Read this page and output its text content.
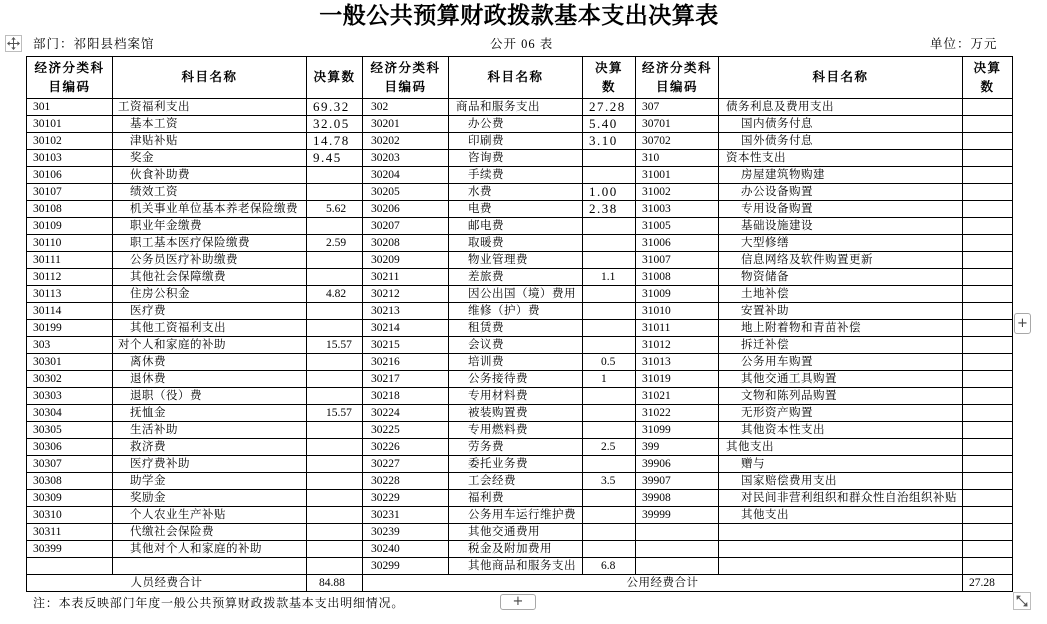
一般公共预算财政拨款基本支出决算表
部门：祁阳县档案馆	公开 06 表	单位：万元
经济分类科目编码	科目名称	决算数	经济分类科目编码	科目名称	决算数	经济分类科目编码	科目名称	决算数
301	工资福利支出	69.32	302	商品和服务支出	27.28	307	债务利息及费用支出	
30101	基本工资	32.05	30201	办公费	5.40	30701	国内债务付息	
30102	津贴补贴	14.78	30202	印刷费	3.10	30702	国外债务付息	
30103	奖金	9.45	30203	咨询费		310	资本性支出	
30106	伙食补助费		30204	手续费		31001	房屋建筑物购建	
30107	绩效工资		30205	水费	1.00	31002	办公设备购置	
30108	机关事业单位基本养老保险缴费	5.62	30206	电费	2.38	31003	专用设备购置	
30109	职业年金缴费		30207	邮电费		31005	基础设施建设	
30110	职工基本医疗保险缴费	2.59	30208	取暖费		31006	大型修缮	
30111	公务员医疗补助缴费		30209	物业管理费		31007	信息网络及软件购置更新	
30112	其他社会保障缴费		30211	差旅费	1.1	31008	物资储备	
30113	住房公积金	4.82	30212	因公出国（境）费用		31009	土地补偿	
30114	医疗费		30213	维修（护）费		31010	安置补助	
30199	其他工资福利支出		30214	租赁费		31011	地上附着物和青苗补偿	
303	对个人和家庭的补助	15.57	30215	会议费		31012	拆迁补偿	
30301	离休费		30216	培训费	0.5	31013	公务用车购置	
30302	退休费		30217	公务接待费	1	31019	其他交通工具购置	
30303	退职（役）费		30218	专用材料费		31021	文物和陈列品购置	
30304	抚恤金	15.57	30224	被装购置费		31022	无形资产购置	
30305	生活补助		30225	专用燃料费		31099	其他资本性支出	
30306	救济费		30226	劳务费	2.5	399	其他支出	
30307	医疗费补助		30227	委托业务费		39906	赠与	
30308	助学金		30228	工会经费	3.5	39907	国家赔偿费用支出	
30309	奖励金		30229	福利费		39908	对民间非营利组织和群众性自治组织补贴	
30310	个人农业生产补贴		30231	公务用车运行维护费		39999	其他支出	
30311	代缴社会保险费		30239	其他交通费用				
30399	其他对个人和家庭的补助		30240	税金及附加费用				
			30299	其他商品和服务支出	6.8			
人员经费合计		84.88	公用经费合计					27.28
+
注：本表反映部门年度一般公共预算财政拨款基本支出明细情况。	+
